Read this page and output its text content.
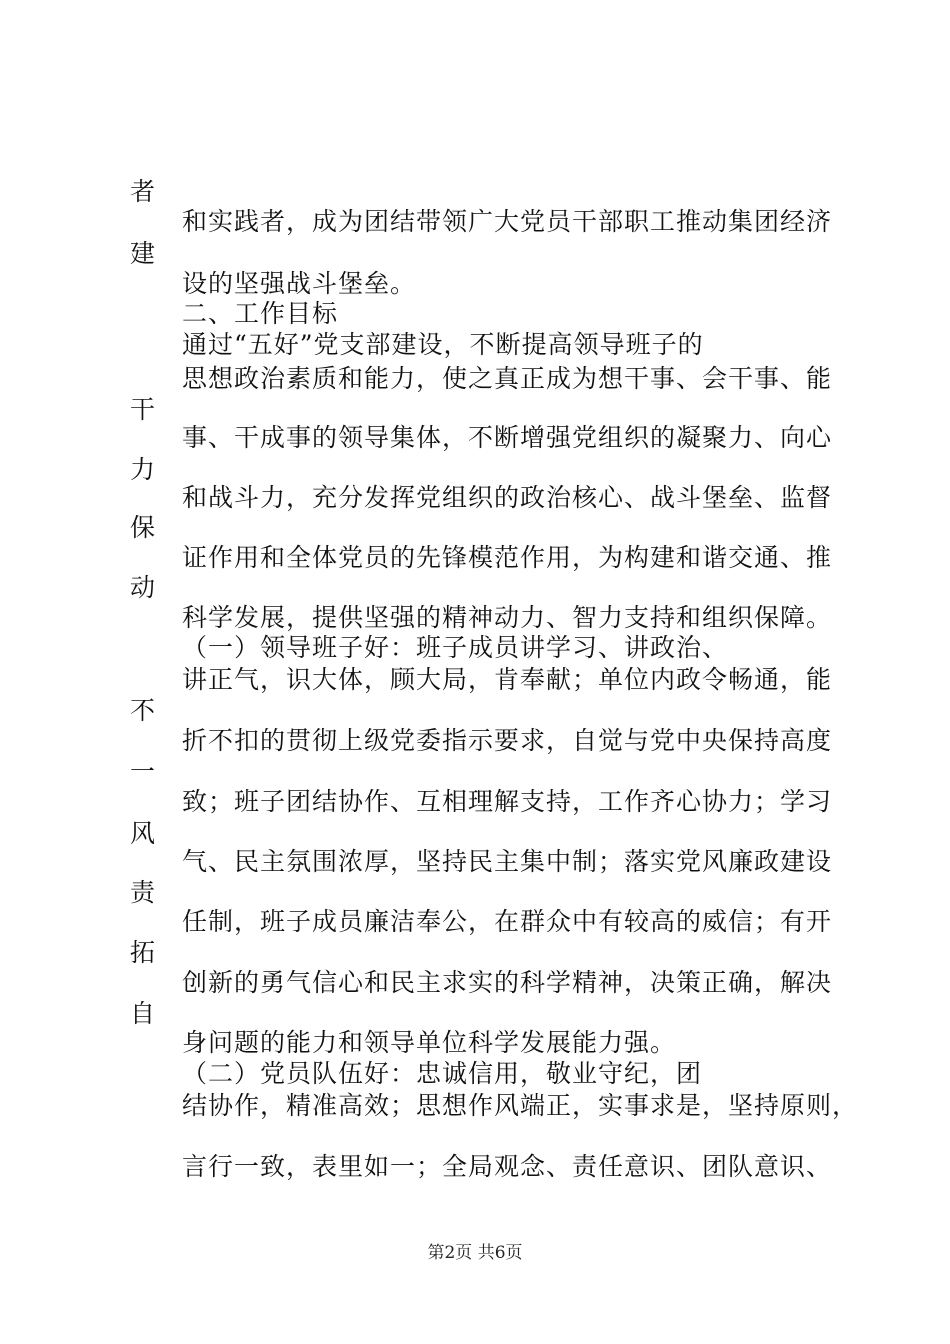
者
建
干
力
保
动
不
一
风
责
拓
自
和实践者，成为团结带领广大党员干部职工推动集团经济
设的坚强战斗堡垒。
二、工作目标
通过“五好”党支部建设，不断提高领导班子的
思想政治素质和能力，使之真正成为想干事、会干事、能
事、干成事的领导集体，不断增强党组织的凝聚力、向心
和战斗力，充分发挥党组织的政治核心、战斗堡垒、监督
证作用和全体党员的先锋模范作用，为构建和谐交通、推
科学发展，提供坚强的精神动力、智力支持和组织保障。
（一）领导班子好：班子成员讲学习、讲政治、
讲正气，识大体，顾大局，肯奉献；单位内政令畅通，能
折不扣的贯彻上级党委指示要求，自觉与党中央保持高度
致；班子团结协作、互相理解支持，工作齐心协力；学习
气、民主氛围浓厚，坚持民主集中制；落实党风廉政建设
任制，班子成员廉洁奉公，在群众中有较高的威信；有开
创新的勇气信心和民主求实的科学精神，决策正确，解决
身问题的能力和领导单位科学发展能力强。
（二）党员队伍好：忠诚信用，敬业守纪，团
结协作，精准高效；思想作风端正，实事求是，坚持原则，
言行一致，表里如一；全局观念、责任意识、团队意识、
第2页 共6页
